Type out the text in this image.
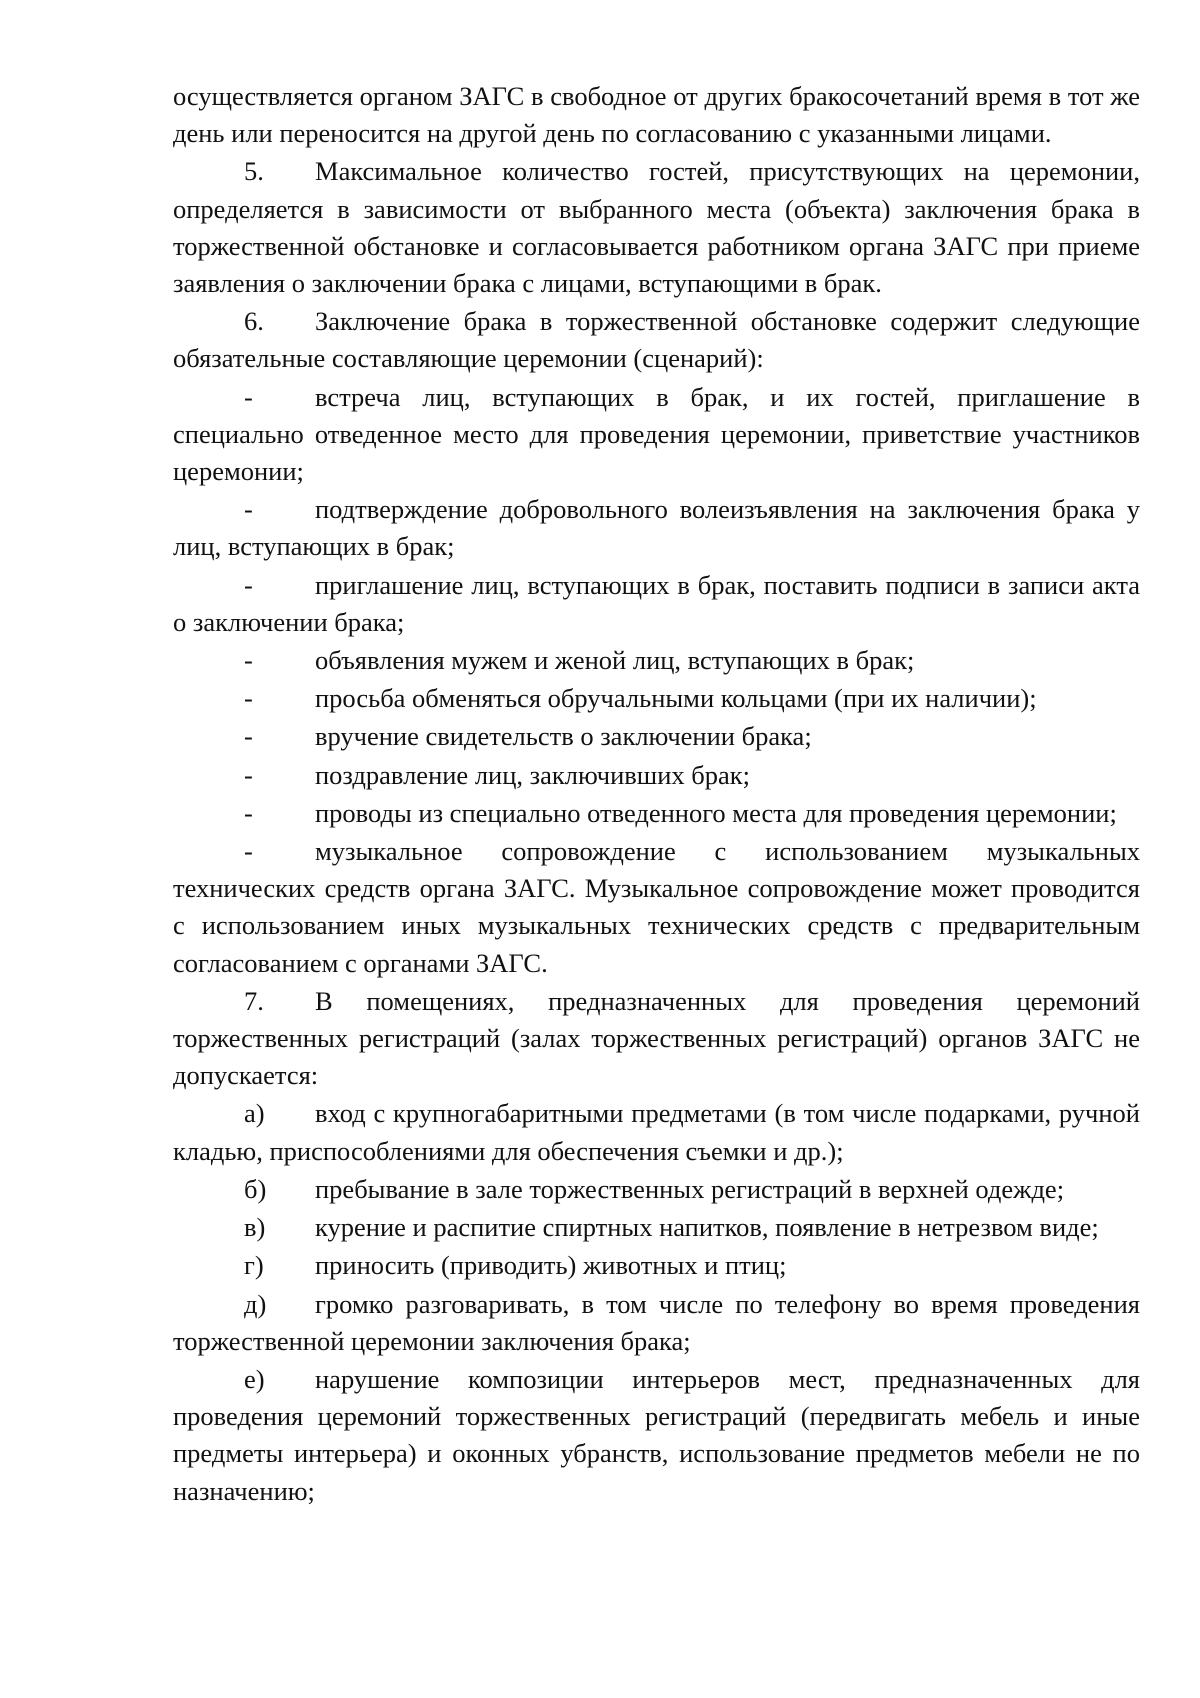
осуществляется органом ЗАГС в свободное от других бракосочетаний время в тот же день или переносится на другой день по согласованию с указанными лицами.

5. Максимальное количество гостей, присутствующих на церемонии, определяется в зависимости от выбранного места (объекта) заключения брака в торжественной обстановке и согласовывается работником органа ЗАГС при приеме заявления о заключении брака с лицами, вступающими в брак.

6. Заключение брака в торжественной обстановке содержит следующие обязательные составляющие церемонии (сценарий):

- встреча лиц, вступающих в брак, и их гостей, приглашение в специально отведенное место для проведения церемонии, приветствие участников церемонии;

- подтверждение добровольного волеизъявления на заключения брака у лиц, вступающих в брак;

- приглашение лиц, вступающих в брак, поставить подписи в записи акта о заключении брака;

- объявления мужем и женой лиц, вступающих в брак;

- просьба обменяться обручальными кольцами (при их наличии);

- вручение свидетельств о заключении брака;

- поздравление лиц, заключивших брак;

- проводы из специально отведенного места для проведения церемонии;

- музыкальное сопровождение с использованием музыкальных технических средств органа ЗАГС. Музыкальное сопровождение может проводится с использованием иных музыкальных технических средств с предварительным согласованием с органами ЗАГС.

7. В помещениях, предназначенных для проведения церемоний торжественных регистраций (залах торжественных регистраций) органов ЗАГС не допускается:

а) вход с крупногабаритными предметами (в том числе подарками, ручной кладью, приспособлениями для обеспечения съемки и др.);

б) пребывание в зале торжественных регистраций в верхней одежде;

в) курение и распитие спиртных напитков, появление в нетрезвом виде;

г) приносить (приводить) животных и птиц;

д) громко разговаривать, в том числе по телефону во время проведения торжественной церемонии заключения брака;

е) нарушение композиции интерьеров мест, предназначенных для проведения церемоний торжественных регистраций (передвигать мебель и иные предметы интерьера) и оконных убранств, использование предметов мебели не по назначению;
